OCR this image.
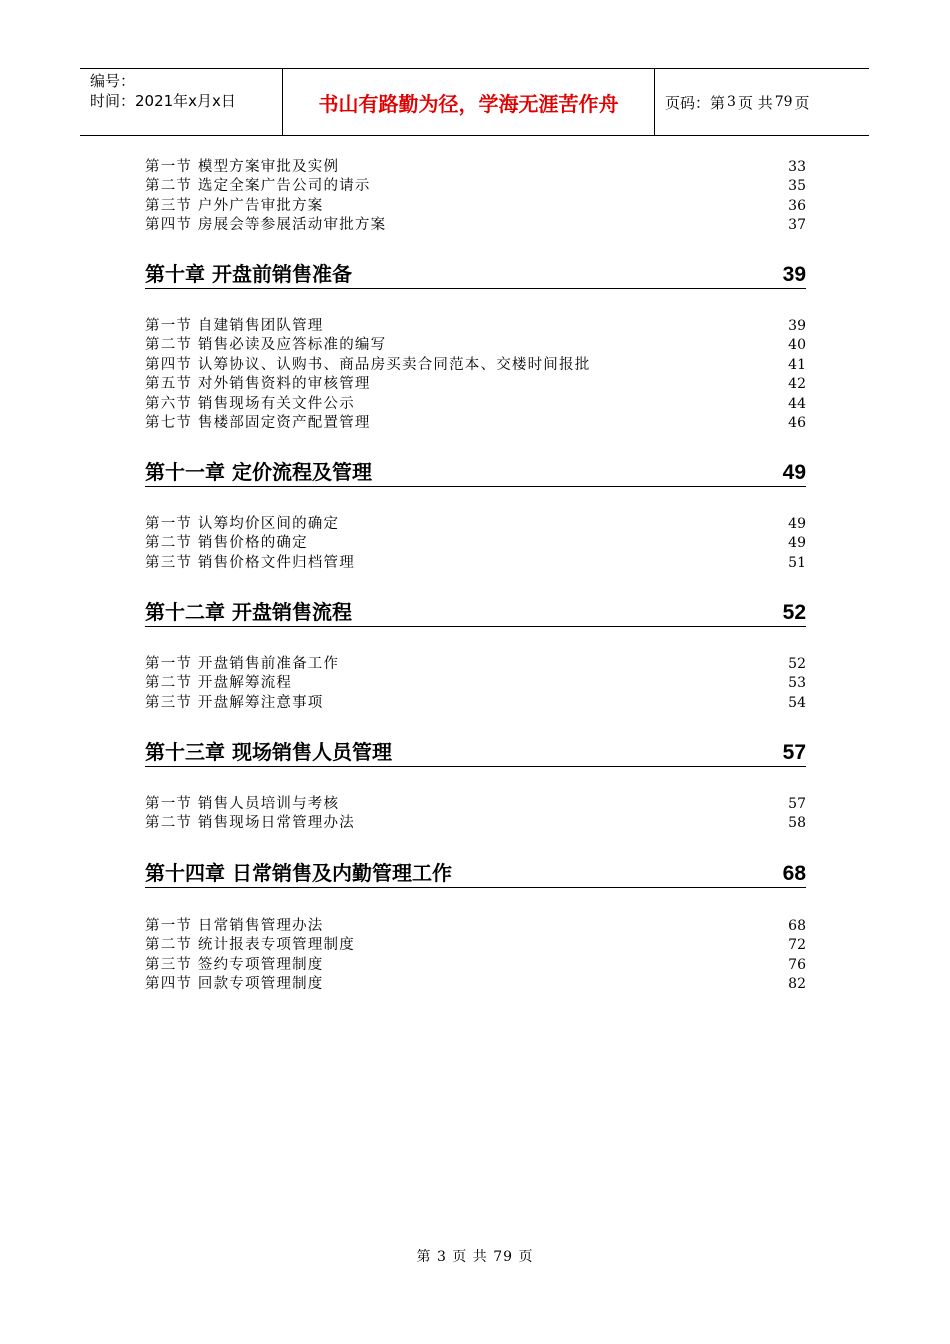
编号：
时间：2021年x月x日	书山有路勤为径，学海无涯苦作舟	页码：第 3 页 共 79 页
第一节 模型方案审批及实例	33
第二节 选定全案广告公司的请示	35
第三节 户外广告审批方案	36
第四节 房展会等参展活动审批方案	37
第十章 开盘前销售准备	39
第一节 自建销售团队管理	39
第二节 销售必读及应答标准的编写	40
第四节 认筹协议、认购书、商品房买卖合同范本、交楼时间报批	41
第五节 对外销售资料的审核管理	42
第六节 销售现场有关文件公示	44
第七节 售楼部固定资产配置管理	46
第十一章 定价流程及管理	49
第一节 认筹均价区间的确定	49
第二节 销售价格的确定	49
第三节 销售价格文件归档管理	51
第十二章 开盘销售流程	52
第一节 开盘销售前准备工作	52
第二节 开盘解筹流程	53
第三节 开盘解筹注意事项	54
第十三章 现场销售人员管理	57
第一节 销售人员培训与考核	57
第二节 销售现场日常管理办法	58
第十四章 日常销售及内勤管理工作	68
第一节 日常销售管理办法	68
第二节 统计报表专项管理制度	72
第三节 签约专项管理制度	76
第四节 回款专项管理制度	82
第 3 页 共 79 页
